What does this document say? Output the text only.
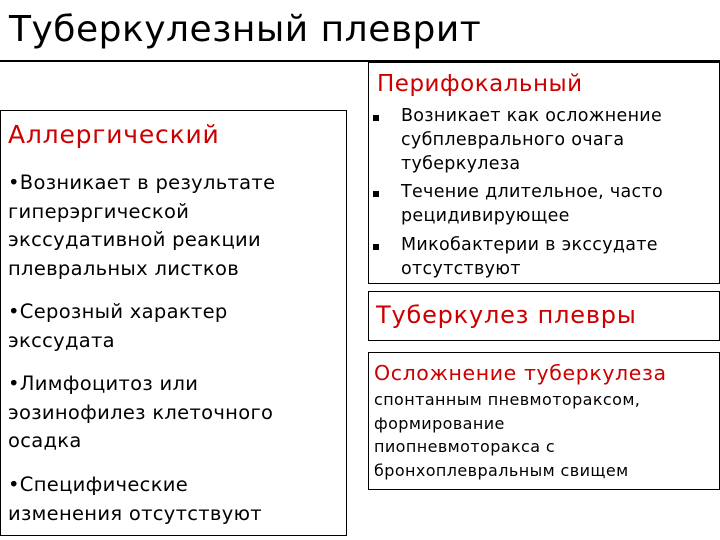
Туберкулезный плеврит
Аллергический
•Возникает в результате
гиперэргической
экссудативной реакции
плевральных листков
•Серозный характер
экссудата
•Лимфоцитоз или
эозинофилез клеточного
осадка
•Специфические
изменения отсутствуют
Перифокальный
Возникает как осложнение
субплеврального очага
туберкулеза
Течение длительное, часто
рецидивирующее
Микобактерии в экссудате
отсутствуют
Туберкулез плевры
Осложнение туберкулеза
спонтанным пневмотораксом,
формирование
пиопневмоторакса с
бронхоплевральным свищем
